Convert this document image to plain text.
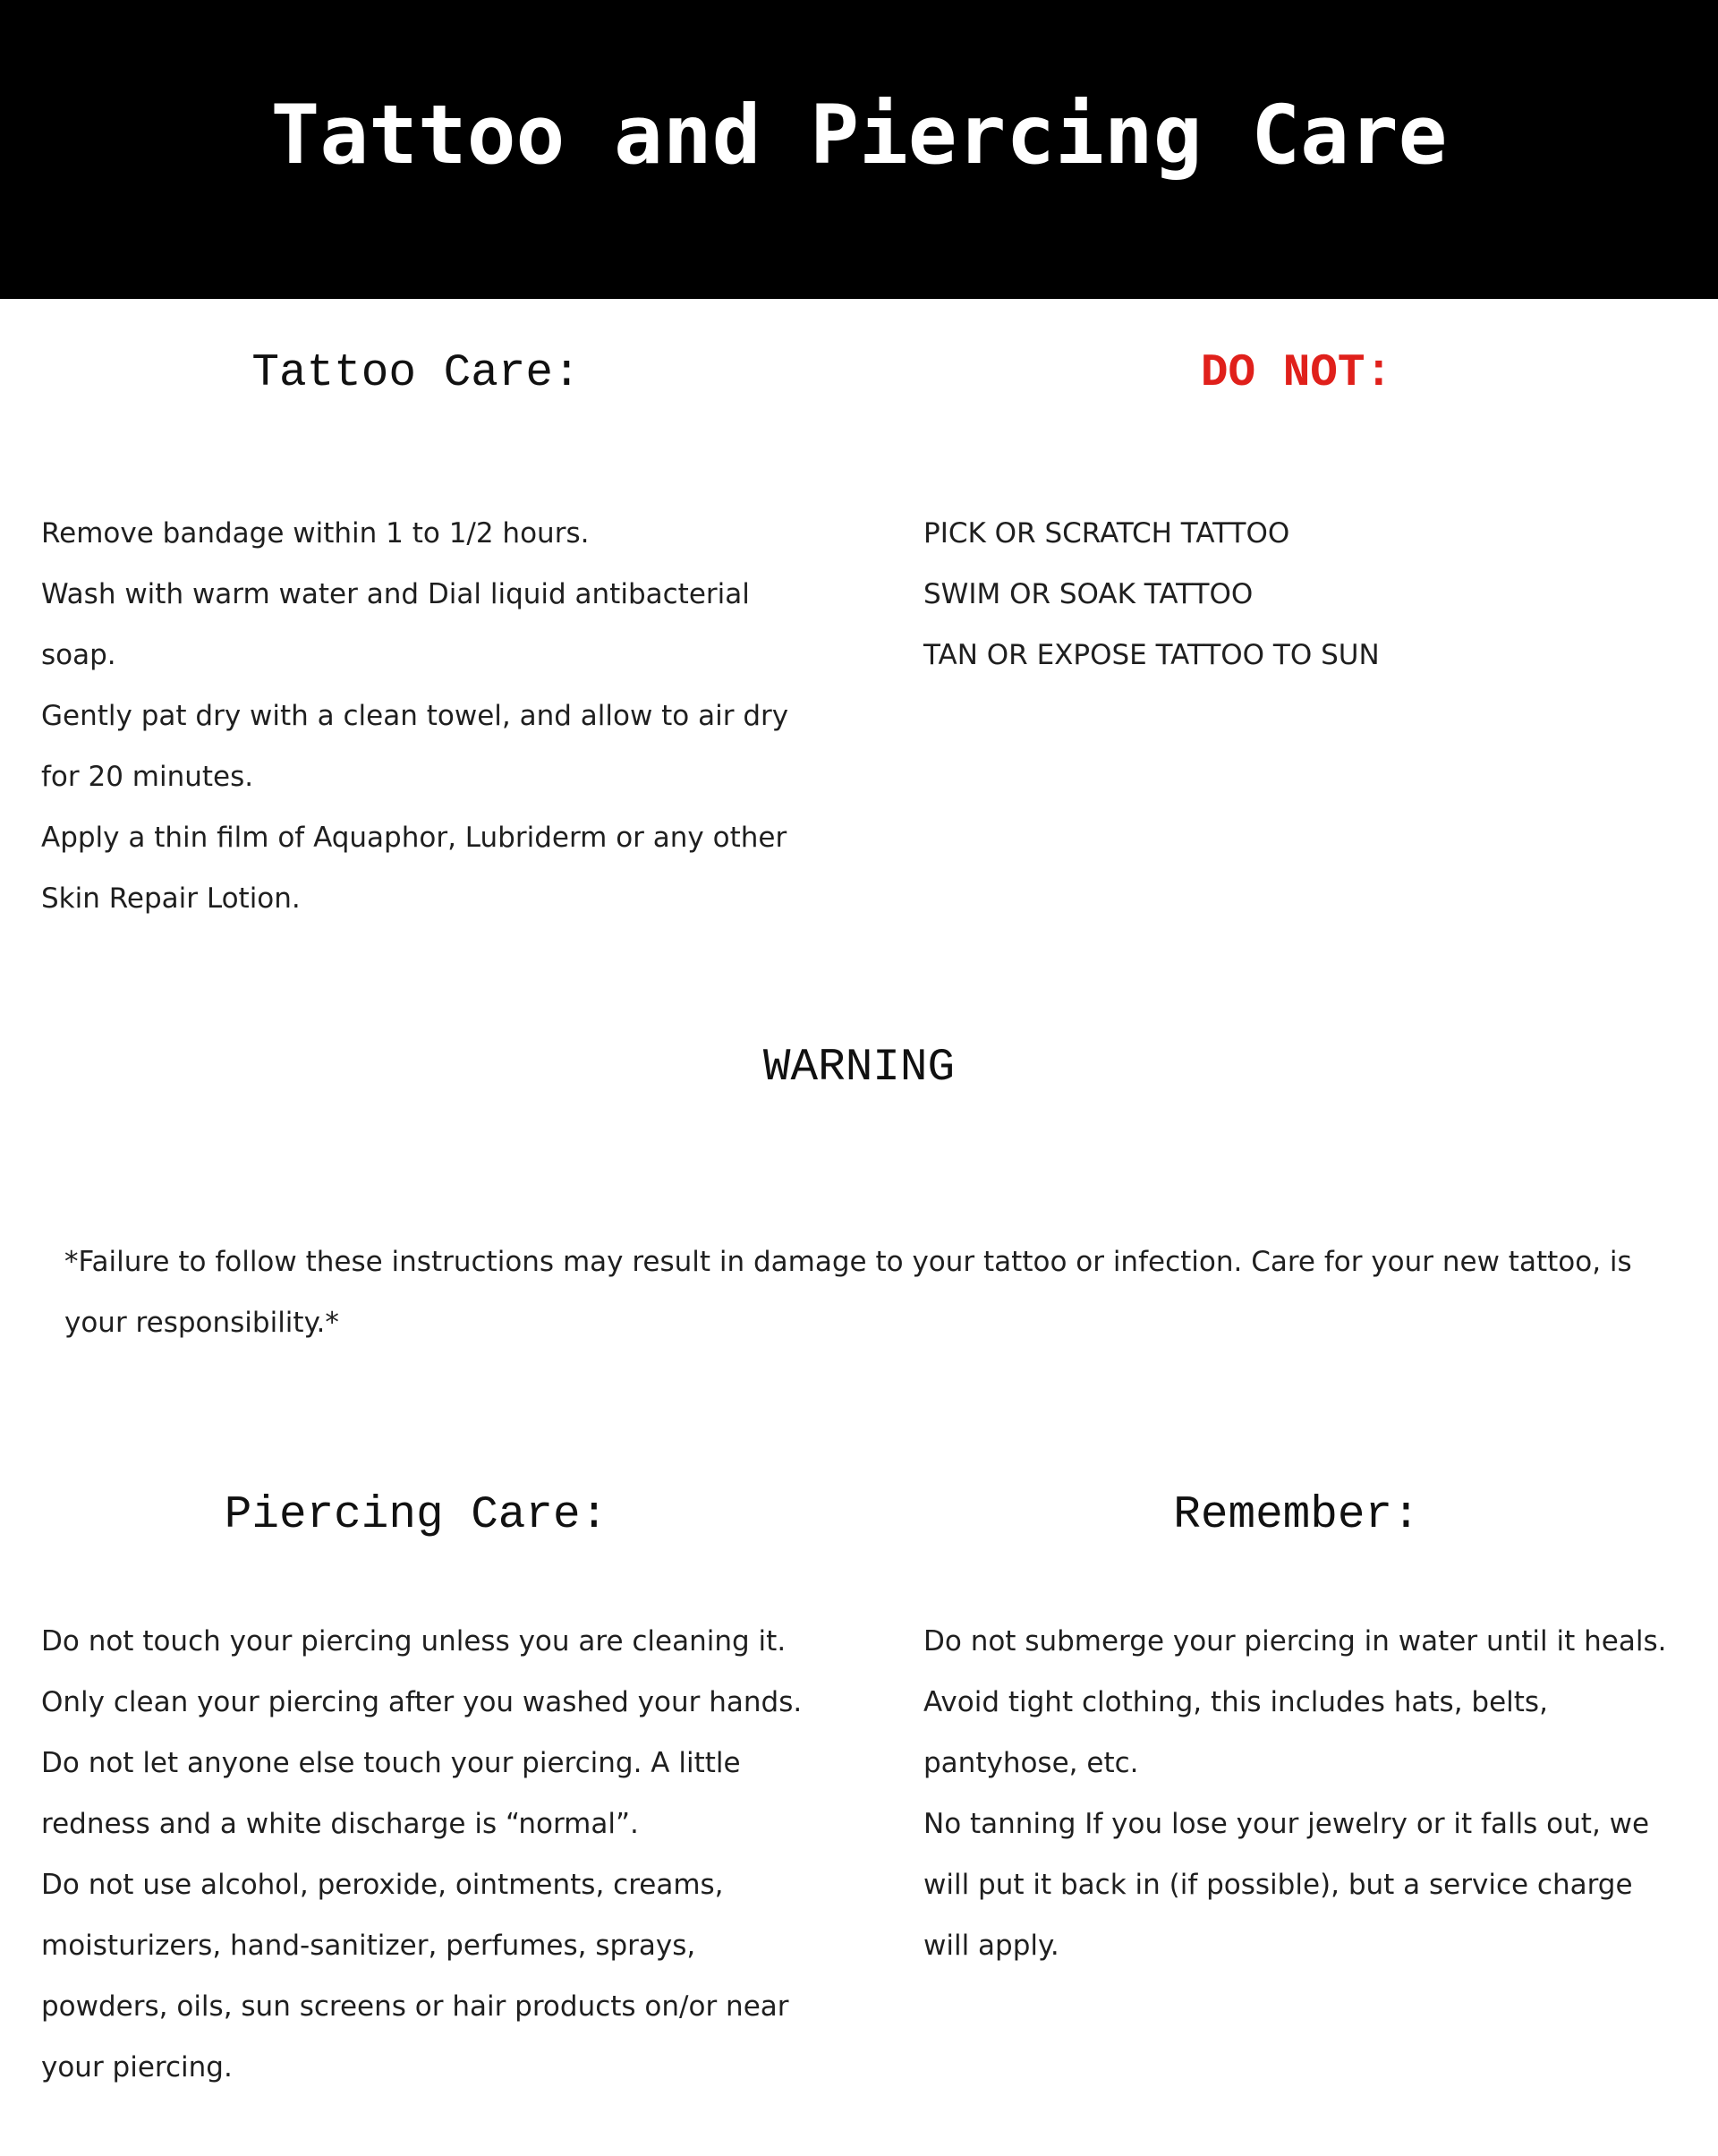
Tattoo and Piercing Care
Tattoo Care:
Remove bandage within 1 to 1/2 hours.
Wash with warm water and Dial liquid antibacterial soap.
Gently pat dry with a clean towel, and allow to air dry for 20 minutes.
Apply a thin film of Aquaphor, Lubriderm or any other Skin Repair Lotion.
DO NOT:
PICK OR SCRATCH TATTOO
SWIM OR SOAK TATTOO
TAN OR EXPOSE TATTOO TO SUN
WARNING
*Failure to follow these instructions may result in damage to your tattoo or infection. Care for your new tattoo, is your responsibility.*
Piercing Care:
Do not touch your piercing unless you are cleaning it.
Only clean your piercing after you washed your hands.
Do not let anyone else touch your piercing. A little redness and a white discharge is “normal”.
Do not use alcohol, peroxide, ointments, creams, moisturizers, hand-sanitizer, perfumes, sprays, powders, oils, sun screens or hair products on/or near your piercing.
Remember:
Do not submerge your piercing in water until it heals.
Avoid tight clothing, this includes hats, belts, pantyhose, etc.
No tanning If you lose your jewelry or it falls out, we will put it back in (if possible), but a service charge will apply.
